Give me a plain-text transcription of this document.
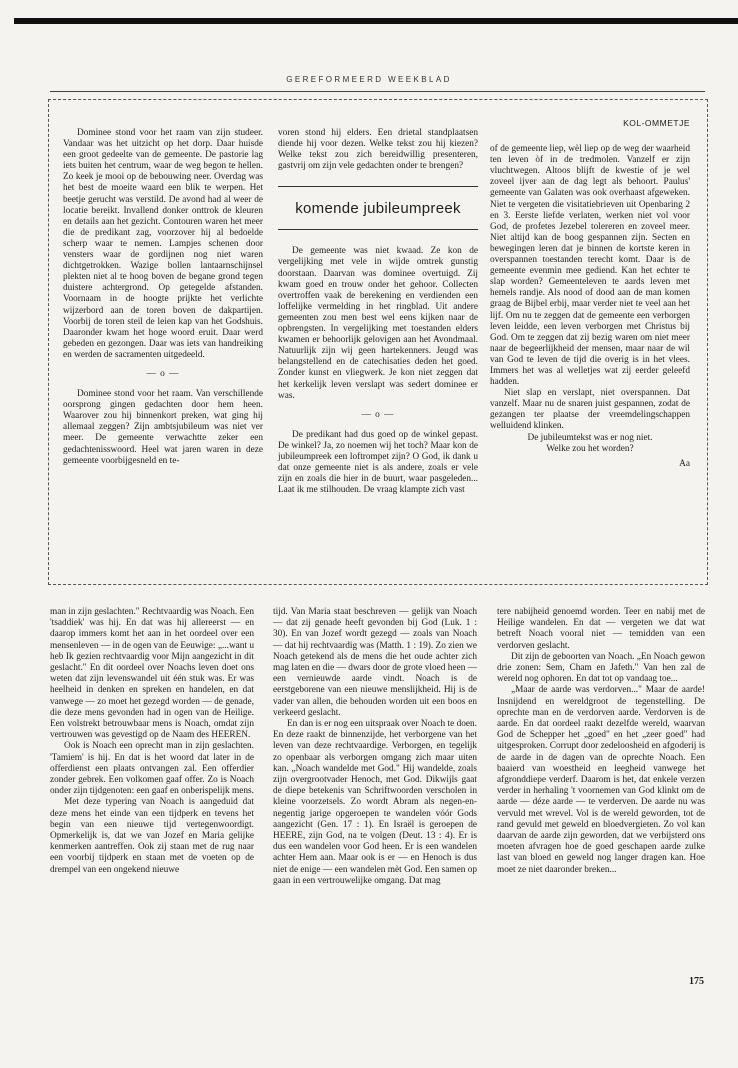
GEREFORMEERD WEEKBLAD

Dominee stond voor het raam van zijn studeer. Vandaar was het uitzicht op het dorp. Daar huisde een groot gedeelte van de gemeente. De pastorie lag iets buiten het centrum, waar de weg begon te hellen. Zo keek je mooi op de bebouwing neer. Overdag was het best de moeite waard een blik te werpen. Het beetje gerucht was verstild. De avond had al weer de locatie bereikt. Invallend donker onttrok de kleuren en details aan het gezicht. Contouren waren het meer die de predikant zag, voorzover hij al bedoelde scherp waar te nemen. Lampjes schenen door vensters waar de gordijnen nog niet waren dichtgetrokken. Wazige bollen lantaarnschijnsel plekten niet al te hoog boven de begane grond tegen duistere achtergrond. Op getegelde afstanden. Voornaam in de hoogte prijkte het verlichte wijzerbord aan de toren boven de dakpartijen. Voorbij de toren steil de leien kap van het Godshuis. Daaronder kwam het hoge woord eruit. Daar werd gebeden en gezongen. Daar was iets van handreiking en werden de sacramenten uitgedeeld.

— o —

Dominee stond voor het raam. Van verschillende oorsprong gingen gedachten door hem heen. Waarover zou hij binnenkort preken, wat ging hij allemaal zeggen? Zijn ambtsjubileum was niet ver meer. De gemeente verwachtte zeker een gedachtenisswoord. Heel wat jaren waren in deze gemeente voorbijgesneld en te-

voren stond hij elders. Een drietal standplaatsen diende hij voor dezen. Welke tekst zou hij kiezen? Welke tekst zou zich bereidwillig presenteren, gastvrij om zijn vele gedachten onder te brengen?

komende jubileumpreek

De gemeente was niet kwaad. Ze kon de vergelijking met vele in wijde omtrek gunstig doorstaan. Daarvan was dominee overtuigd. Zij kwam goed en trouw onder het gehoor. Collecten overtroffen vaak de berekening en verdienden een loffelijke vermelding in het ringblad. Uit andere gemeenten zou men best wel eens kijken naar de opbrengsten. In vergelijking met toestanden elders kwamen er behoorlijk gelovigen aan het Avondmaal. Natuurlijk zijn wij geen hartekenners. Jeugd was belangstellend en de catechisaties deden het goed. Zonder kunst en vliegwerk. Je kon niet zeggen dat het kerkelijk leven verslapt was sedert dominee er was.

— o —

De predikant had dus goed op de winkel gepast. De winkel? Ja, zo noemen wij het toch? Maar kon de jubileumpreek een loftrompet zijn? O God, ik dank u dat onze gemeente niet is als andere, zoals er vele zijn en zoals die hier in de buurt, waar pasgeleden... Laat ik me stilhouden. De vraag klampte zich vast

KOL-OMMETJE

of de gemeente liep, wèl liep op de weg der waarheid ten leven òf in de tredmolen. Vanzelf er zijn vluchtwegen. Altoos blijft de kwestie of je wel zoveel ijver aan de dag legt als behoort. Paulus' gemeente van Galaten was ook overhaast afgeweken. Niet te vergeten die visitatiebrieven uit Openbaring 2 en 3. Eerste liefde verlaten, werken niet vol voor God, de profetes Jezebel tolereren en zoveel meer. Niet altijd kan de boog gespannen zijn. Secten en bewegingen leren dat je binnen de kortste keren in overspannen toestanden terecht komt. Daar is de gemeente evenmin mee gediend. Kan het echter te slap worden? Gemeenteleven te aards leven met hemels randje. Als nood of dood aan de man komen graag de Bijbel erbij, maar verder niet te veel aan het lijf. Om nu te zeggen dat de gemeente een verborgen leven leidde, een leven verborgen met Christus bij God. Om te zeggen dat zij bezig waren om niet meer naar de begeerlijkheid der mensen, maar naar de wil van God te leven de tijd die overig is in het vlees. Immers het was al welletjes wat zij eerder geleefd hadden.

Niet slap en verslapt, niet overspannen. Dat vanzelf. Maar nu de snaren juist gespannen, zodat de gezangen ter plaatse der vreemdelingschappen welluidend klinken.

De jubileumtekst was er nog niet.

Welke zou het worden?

Aa

man in zijn geslachten." Rechtvaardig was Noach. Een 'tsaddiek' was hij. En dat was hij allereerst — en daarop immers komt het aan in het oordeel over een mensenleven — in de ogen van de Eeuwige: „...want u heb Ik gezien rechtvaardig voor Mijn aangezicht in dit geslacht." En dit oordeel over Noachs leven doet ons weten dat zijn levenswandel uit één stuk was. Er was heelheid in denken en spreken en handelen, en dat vanwege — zo moet het gezegd worden — de genade, die deze mens gevonden had in ogen van de Heilige. Een volstrekt betrouwbaar mens is Noach, omdat zijn vertrouwen was gevestigd op de Naam des HEEREN.

Ook is Noach een oprecht man in zijn geslachten. 'Tamiem' is hij. En dat is het woord dat later in de offerdienst een plaats ontvangen zal. Een offerdier zonder gebrek. Een volkomen gaaf offer. Zo is Noach onder zijn tijdgenoten: een gaaf en onberispelijk mens.

Met deze typering van Noach is aangeduid dat deze mens het einde van een tijdperk en tevens het begin van een nieuwe tijd vertegenwoordigt. Opmerkelijk is, dat we van Jozef en Maria gelijke kenmerken aantreffen. Ook zij staan met de rug naar een voorbij tijdperk en staan met de voeten op de drempel van een ongekend nieuwe

tijd. Van Maria staat beschreven — gelijk van Noach — dat zij genade heeft gevonden bij God (Luk. 1 : 30). En van Jozef wordt gezegd — zoals van Noach — dat hij rechtvaardig was (Matth. 1 : 19). Zo zien we Noach getekend als de mens die het oude achter zich mag laten en die — dwars door de grote vloed heen — een vernieuwde aarde vindt. Noach is de eerstgeborene van een nieuwe menslijkheid. Hij is de vader van allen, die behouden worden uit een boos en verkeerd geslacht.

En dan is er nog een uitspraak over Noach te doen. En deze raakt de binnenzijde, het verborgene van het leven van deze rechtvaardige. Verborgen, en tegelijk zo openbaar als verborgen omgang zich maar uiten kan. „Noach wandelde met God." Hij wandelde, zoals zijn overgrootvader Henoch, met God. Dikwijls gaat de diepe betekenis van Schriftwoorden verscholen in kleine voorzetsels. Zo wordt Abram als negen-en-negentig jarige opgeroepen te wandelen vóór Gods aangezicht (Gen. 17 : 1). En Israël is geroepen de HEERE, zijn God, na te volgen (Deut. 13 : 4). Er is dus een wandelen voor God heen. Er is een wandelen achter Hem aan. Maar ook is er — en Henoch is dus niet de enige — een wandelen mèt God. Een samen op gaan in een vertrouwelijke omgang. Dat mag

tere nabijheid genoemd worden. Teer en nabij met de Heilige wandelen. En dat — vergeten we dat wat betreft Noach vooral niet — temidden van een verdorven geslacht.

Dit zijn de geboorten van Noach. „En Noach gewon drie zonen: Sem, Cham en Jafeth." Van hen zal de wereld nog ophoren. En dat tot op vandaag toe...

„Maar de aarde was verdorven..." Maar de aarde! Insnijdend en wereldgroot de tegenstelling. De oprechte man en de verdorven aarde. Verdorven is de aarde. En dat oordeel raakt dezelfde wereld, waarvan God de Schepper het „goed" en het „zeer goed" had uitgesproken. Corrupt door zedeloosheid en afgoderij is de aarde in de dagen van de oprechte Noach. Een baaierd van woestheid en leegheid vanwege het afgronddiepe verderf. Daarom is het, dat enkele verzen verder in herhaling 't voornemen van God klinkt om de aarde — déze aarde — te verderven. De aarde nu was vervuld met wrevel. Vol is de wereld geworden, tot de rand gevuld met geweld en bloedvergieten. Zo vol kan daarvan de aarde zijn geworden, dat we verbijsterd ons moeten afvragen hoe de goed geschapen aarde zulke last van bloed en geweld nog langer dragen kan. Hoe moet ze niet daaronder breken...

175
